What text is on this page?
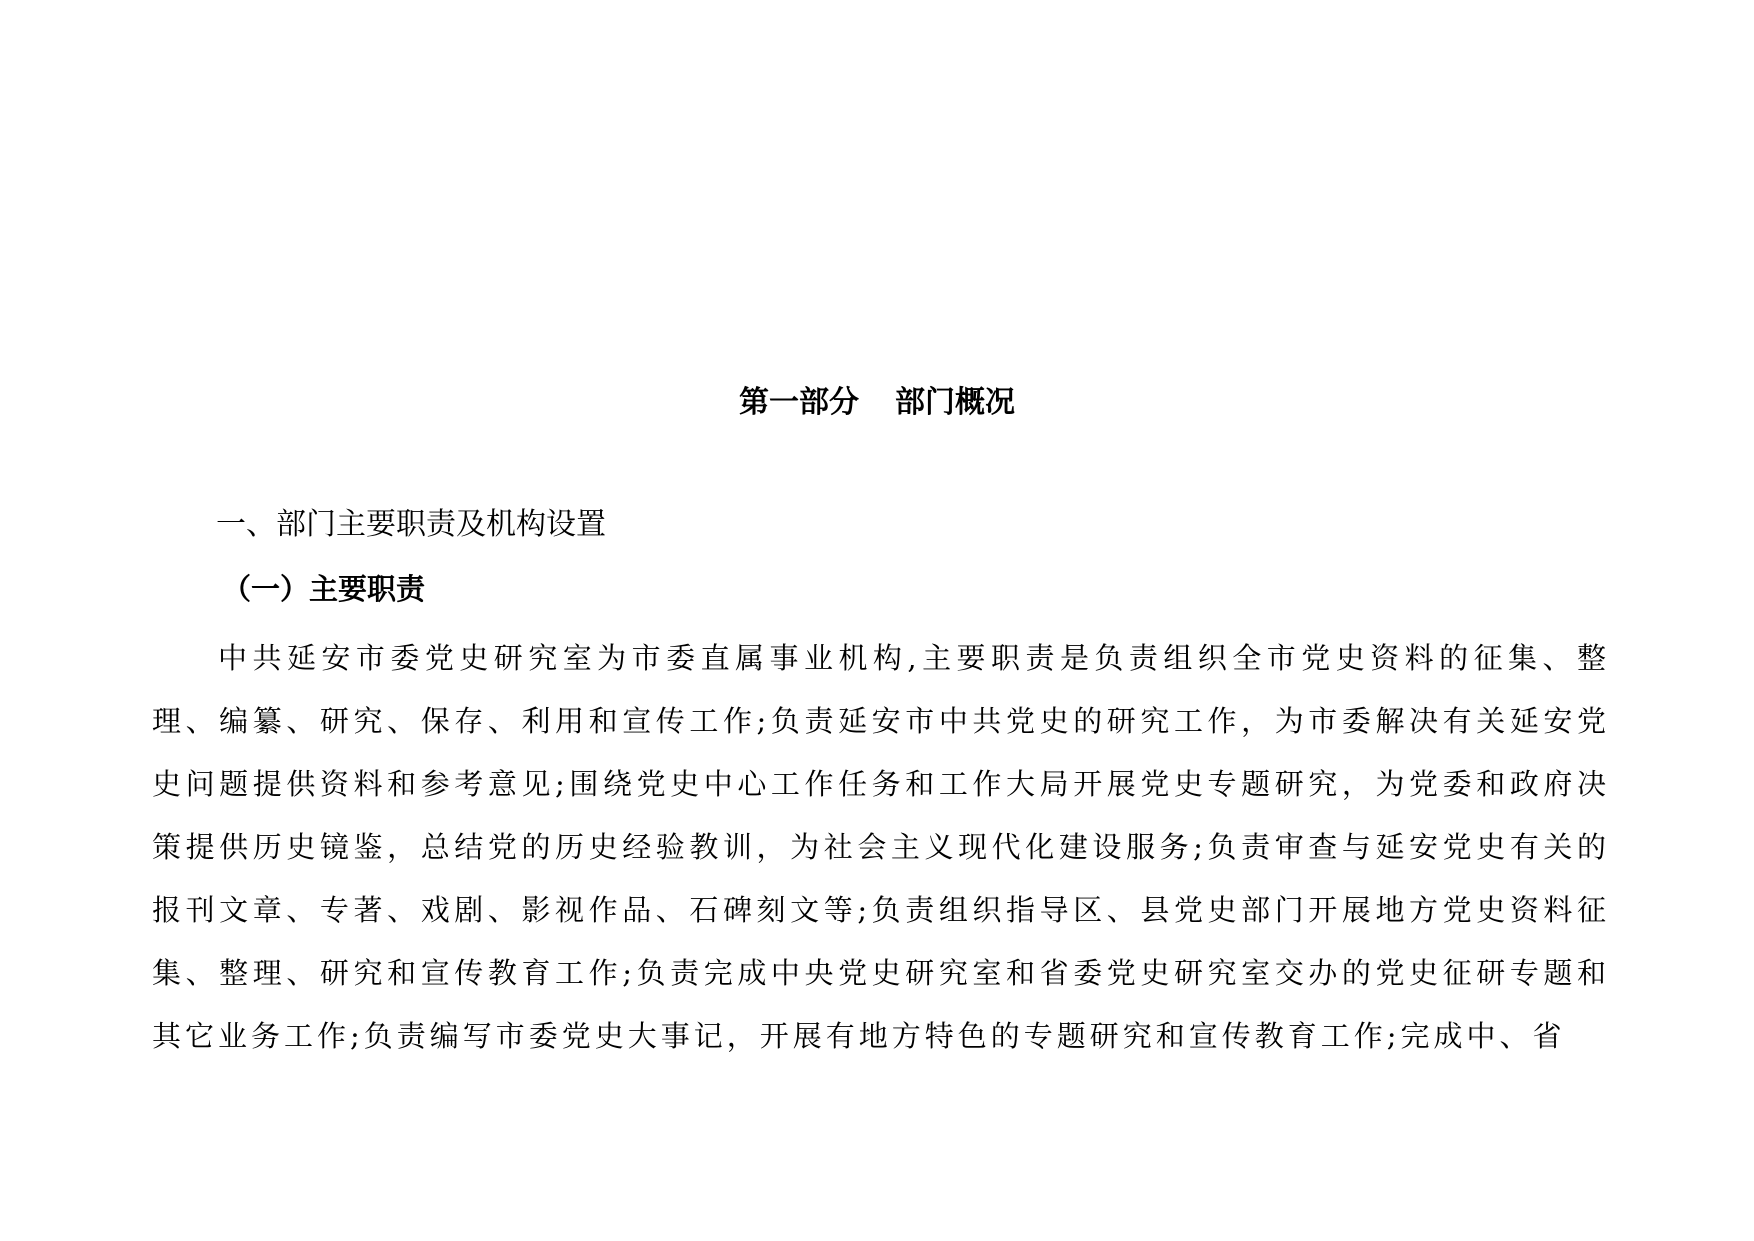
第一部分 部门概况
一、部门主要职责及机构设置
（一）主要职责

中共延安市委党史研究室为市委直属事业机构,主要职责是负责组织全市党史资料的征集、整理、编纂、研究、保存、利用和宣传工作;负责延安市中共党史的研究工作，为市委解决有关延安党史问题提供资料和参考意见;围绕党史中心工作任务和工作大局开展党史专题研究，为党委和政府决策提供历史镜鉴，总结党的历史经验教训，为社会主义现代化建设服务;负责审查与延安党史有关的报刊文章、专著、戏剧、影视作品、石碑刻文等;负责组织指导区、县党史部门开展地方党史资料征集、整理、研究和宣传教育工作;负责完成中央党史研究室和省委党史研究室交办的党史征研专题和其它业务工作;负责编写市委党史大事记，开展有地方特色的专题研究和宣传教育工作;完成中、省
